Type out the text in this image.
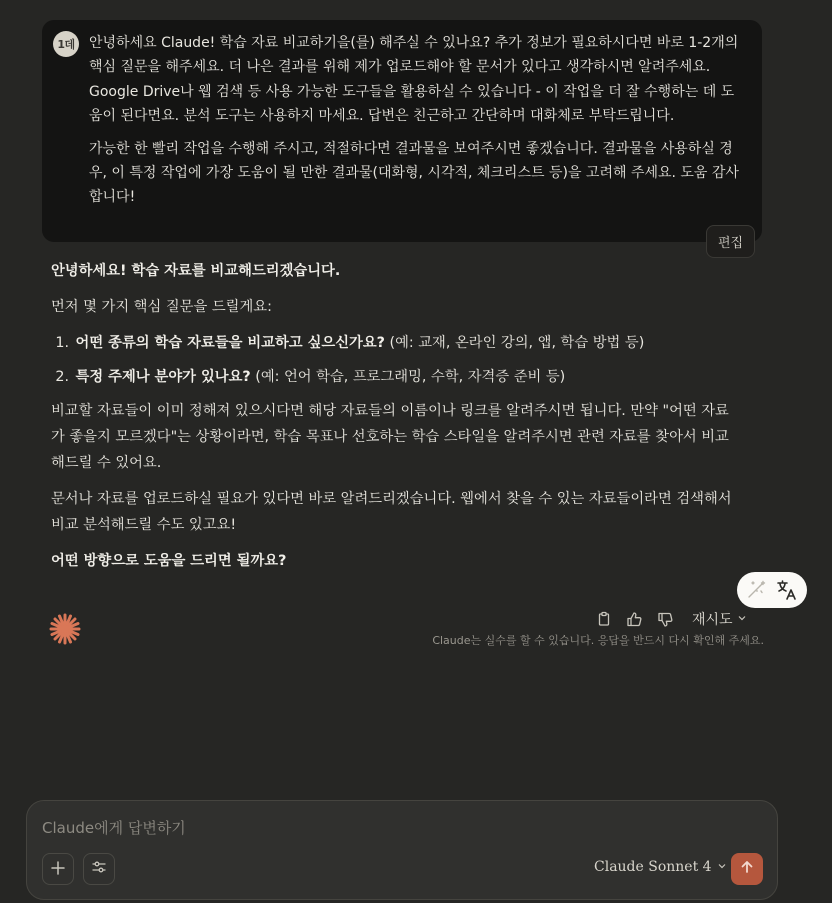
1데	안녕하세요 Claude! 학습 자료 비교하기을(를) 해주실 수 있나요? 추가 정보가 필요하시다면 바로 1-2개의 핵심 질문을 해주세요. 더 나은 결과를 위해 제가 업로드해야 할 문서가 있다고 생각하시면 알려주세요. Google Drive나 웹 검색 등 사용 가능한 도구들을 활용하실 수 있습니다 - 이 작업을 더 잘 수행하는 데 도움이 된다면요. 분석 도구는 사용하지 마세요. 답변은 친근하고 간단하며 대화체로 부탁드립니다.

가능한 한 빨리 작업을 수행해 주시고, 적절하다면 결과물을 보여주시면 좋겠습니다. 결과물을 사용하실 경우, 이 특정 작업에 가장 도움이 될 만한 결과물(대화형, 시각적, 체크리스트 등)을 고려해 주세요. 도움 감사합니다!

편집

안녕하세요! 학습 자료를 비교해드리겠습니다.

먼저 몇 가지 핵심 질문을 드릴게요:

1. 어떤 종류의 학습 자료들을 비교하고 싶으신가요? (예: 교재, 온라인 강의, 앱, 학습 방법 등)
2. 특정 주제나 분야가 있나요? (예: 언어 학습, 프로그래밍, 수학, 자격증 준비 등)

비교할 자료들이 이미 정해져 있으시다면 해당 자료들의 이름이나 링크를 알려주시면 됩니다. 만약 "어떤 자료가 좋을지 모르겠다"는 상황이라면, 학습 목표나 선호하는 학습 스타일을 알려주시면 관련 자료를 찾아서 비교해드릴 수 있어요.

문서나 자료를 업로드하실 필요가 있다면 바로 알려드리겠습니다. 웹에서 찾을 수 있는 자료들이라면 검색해서 비교 분석해드릴 수도 있고요!

어떤 방향으로 도움을 드리면 될까요?

재시도
Claude는 실수를 할 수 있습니다. 응답을 반드시 다시 확인해 주세요.
Claude에게 답변하기
Claude Sonnet 4
